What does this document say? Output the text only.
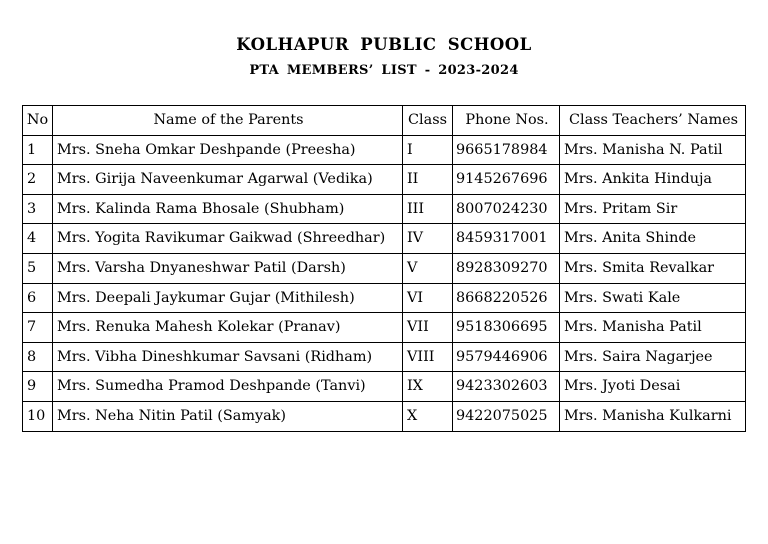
KOLHAPUR PUBLIC SCHOOL
PTA MEMBERS’ LIST - 2023-2024
No	Name of the Parents	Class	Phone Nos.	Class Teachers’ Names
1	Mrs. Sneha Omkar Deshpande (Preesha)	I	9665178984	Mrs. Manisha N. Patil
2	Mrs. Girija Naveenkumar Agarwal (Vedika)	II	9145267696	Mrs. Ankita Hinduja
3	Mrs. Kalinda Rama Bhosale (Shubham)	III	8007024230	Mrs. Pritam Sir
4	Mrs. Yogita Ravikumar Gaikwad (Shreedhar)	IV	8459317001	Mrs. Anita Shinde
5	Mrs. Varsha Dnyaneshwar Patil (Darsh)	V	8928309270	Mrs. Smita Revalkar
6	Mrs. Deepali Jaykumar Gujar (Mithilesh)	VI	8668220526	Mrs. Swati Kale
7	Mrs. Renuka Mahesh Kolekar (Pranav)	VII	9518306695	Mrs. Manisha Patil
8	Mrs. Vibha Dineshkumar Savsani (Ridham)	VIII	9579446906	Mrs. Saira Nagarjee
9	Mrs. Sumedha Pramod Deshpande (Tanvi)	IX	9423302603	Mrs. Jyoti Desai
10	Mrs. Neha Nitin Patil (Samyak)	X	9422075025	Mrs. Manisha Kulkarni
